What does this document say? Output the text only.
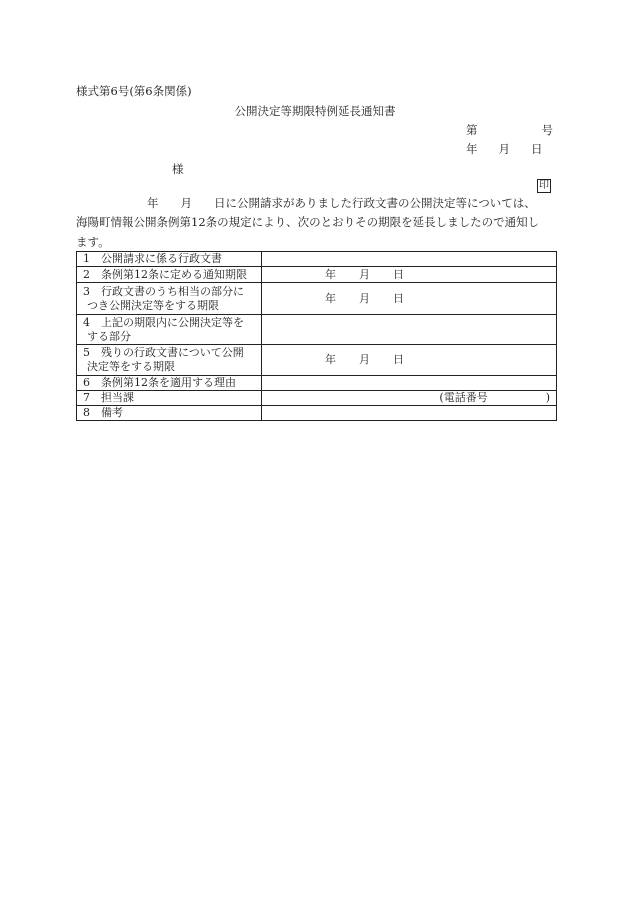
様式第6号(第6条関係)
公開決定等期限特例延長通知書
第	号
年 月 日
様
印
年 月 日に公開請求がありました行政文書の公開決定等については、
海陽町情報公開条例第12条の規定により、次のとおりその期限を延長しましたので通知し
ます。
1　公開請求に係る行政文書	
2　条例第12条に定める通知期限	年 月 日

3　行政文書のうち相当の部分に
つき公開決定等をする期限	年 月 日

4　上記の期限内に公開決定等を
する部分	

5　残りの行政文書について公開
決定等をする期限	年 月 日

6　条例第12条を適用する理由	
7　担当課	(電話番号 )
8　備考	
